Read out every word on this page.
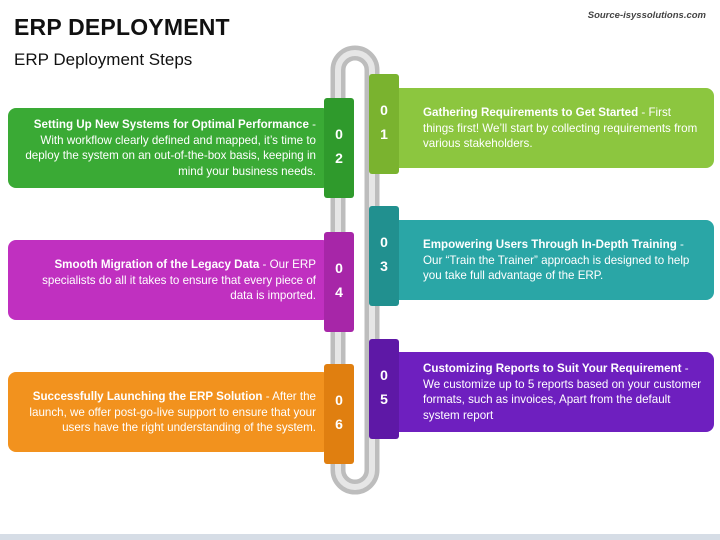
ERP DEPLOYMENT
ERP Deployment Steps
Source-isyssolutions.com
Gathering Requirements to Get Started - First things first! We’ll start by collecting requirements from various stakeholders.
0
1
Setting Up New Systems for Optimal Performance - With workflow clearly defined and mapped, it’s time to deploy the system on an out-of-the-box basis, keeping in mind your business needs.
0
2
Empowering Users Through In-Depth Training - Our “Train the Trainer” approach is designed to help you take full advantage of the ERP.
0
3
Smooth Migration of the Legacy Data - Our ERP specialists do all it takes to ensure that every piece of data is imported.
0
4
Customizing Reports to Suit Your Requirement - We customize up to 5 reports based on your customer formats, such as invoices, Apart from the default system report
0
5
Successfully Launching the ERP Solution - After the launch, we offer post-go-live support to ensure that your users have the right understanding of the system.
0
6
